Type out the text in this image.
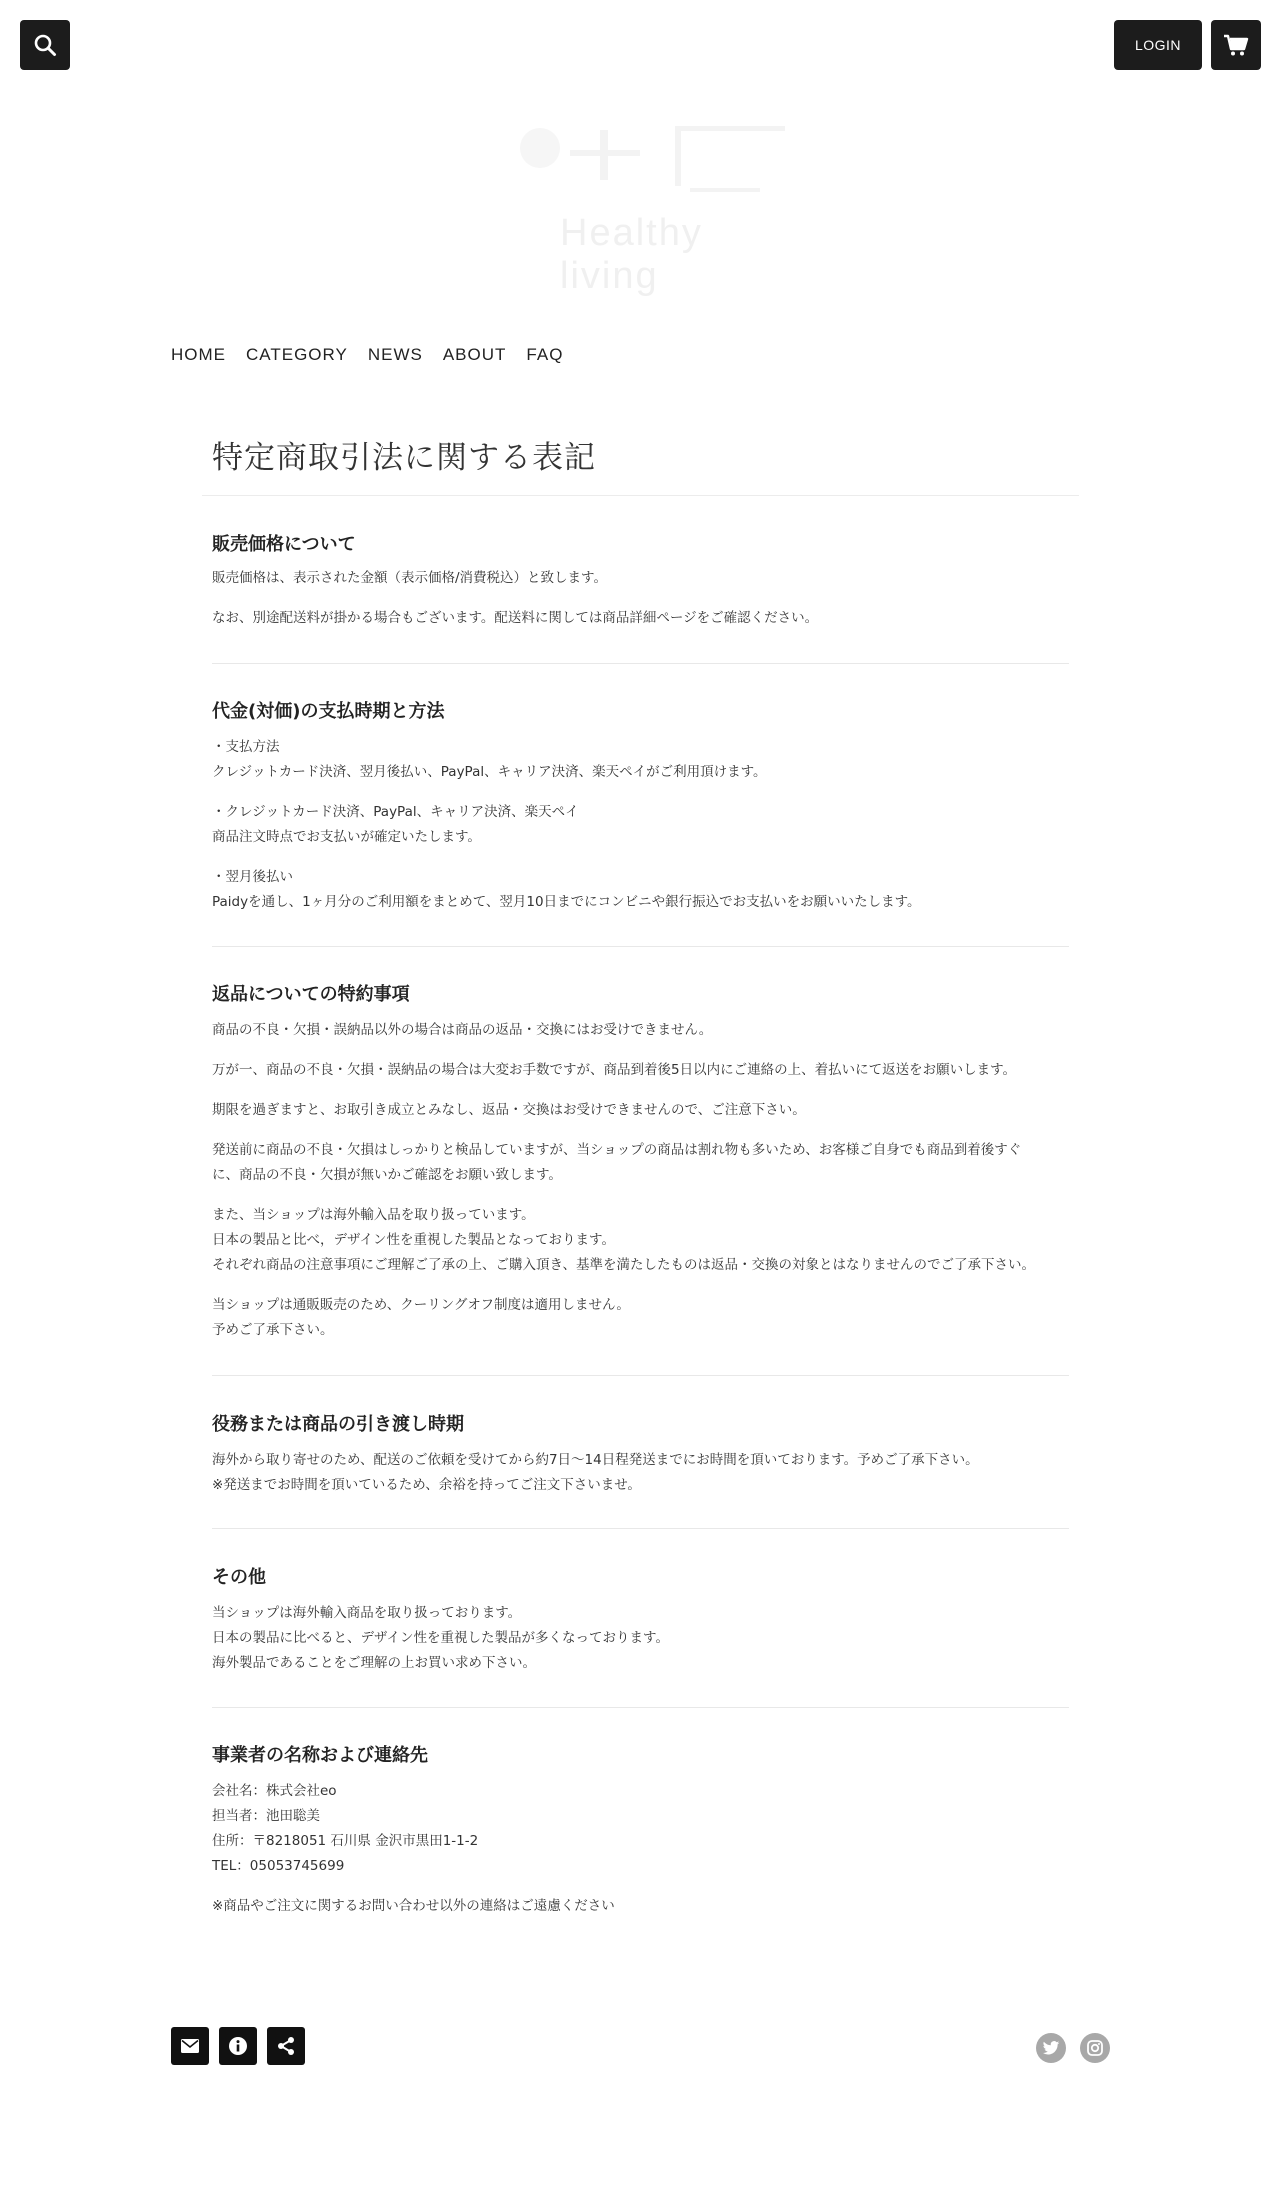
LOGIN
Healthy living
HOME CATEGORY NEWS ABOUT FAQ
特定商取引法に関する表記
販売価格について

販売価格は、表示された金額（表示価格/消費税込）と致します。

なお、別途配送料が掛かる場合もございます。配送料に関しては商品詳細ページをご確認ください。

代金(対価)の支払時期と方法

・支払方法
クレジットカード決済、翌月後払い、PayPal、キャリア決済、楽天ペイがご利用頂けます。

・クレジットカード決済、PayPal、キャリア決済、楽天ペイ
商品注文時点でお支払いが確定いたします。

・翌月後払い
Paidyを通し、1ヶ月分のご利用額をまとめて、翌月10日までにコンビニや銀行振込でお支払いをお願いいたします。

返品についての特約事項

商品の不良・欠損・誤納品以外の場合は商品の返品・交換にはお受けできません。

万が一、商品の不良・欠損・誤納品の場合は大変お手数ですが、商品到着後5日以内にご連絡の上、着払いにて返送をお願いします。

期限を過ぎますと、お取引き成立とみなし、返品・交換はお受けできませんので、ご注意下さい。

発送前に商品の不良・欠損はしっかりと検品していますが、当ショップの商品は割れ物も多いため、お客様ご自身でも商品到着後すぐ
に、商品の不良・欠損が無いかご確認をお願い致します。

また、当ショップは海外輸入品を取り扱っています。
日本の製品と比べ，デザイン性を重視した製品となっております。
それぞれ商品の注意事項にご理解ご了承の上、ご購入頂き、基準を満たしたものは返品・交換の対象とはなりませんのでご了承下さい。

当ショップは通販販売のため、クーリングオフ制度は適用しません。
予めご了承下さい。

役務または商品の引き渡し時期

海外から取り寄せのため、配送のご依頼を受けてから約7日〜14日程発送までにお時間を頂いております。予めご了承下さい。
※発送までお時間を頂いているため、余裕を持ってご注文下さいませ。

その他

当ショップは海外輸入商品を取り扱っております。
日本の製品に比べると、デザイン性を重視した製品が多くなっております。
海外製品であることをご理解の上お買い求め下さい。

事業者の名称および連絡先

会社名：株式会社eo
担当者：池田聡美
住所：〒8218051 石川県 金沢市黒田1-1-2
TEL：05053745699

※商品やご注文に関するお問い合わせ以外の連絡はご遠慮ください
